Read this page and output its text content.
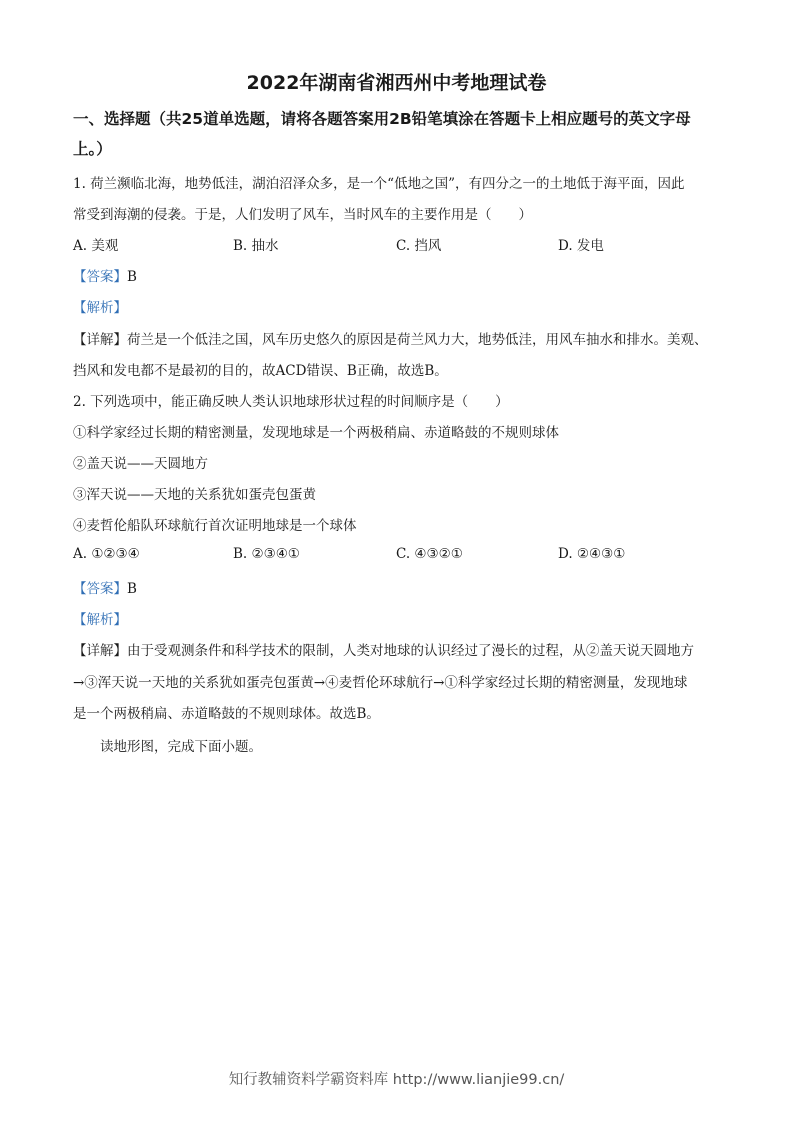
2022年湖南省湘西州中考地理试卷
一、选择题（共25道单选题，请将各题答案用2B铅笔填涂在答题卡上相应题号的英文字母
上。）
1. 荷兰濒临北海，地势低洼，湖泊沼泽众多，是一个“低地之国”，有四分之一的土地低于海平面，因此
常受到海潮的侵袭。于是，人们发明了风车，当时风车的主要作用是（　　）
A. 美观	B. 抽水	C. 挡风	D. 发电
【答案】B
【解析】
【详解】荷兰是一个低洼之国，风车历史悠久的原因是荷兰风力大，地势低洼，用风车抽水和排水。美观、
挡风和发电都不是最初的目的，故ACD错误、B正确，故选B。
2. 下列选项中，能正确反映人类认识地球形状过程的时间顺序是（　　）
①科学家经过长期的精密测量，发现地球是一个两极稍扁、赤道略鼓的不规则球体
②盖天说——天圆地方
③浑天说——天地的关系犹如蛋壳包蛋黄
④麦哲伦船队环球航行首次证明地球是一个球体
A. ①②③④	B. ②③④①	C. ④③②①	D. ②④③①
【答案】B
【解析】
【详解】由于受观测条件和科学技术的限制，人类对地球的认识经过了漫长的过程，从②盖天说天圆地方
→③浑天说一天地的关系犹如蛋壳包蛋黄→④麦哲伦环球航行→①科学家经过长期的精密测量，发现地球
是一个两极稍扁、赤道略鼓的不规则球体。故选B。
读地形图，完成下面小题。
知行教辅资料学霸资料库 http://www.lianjie99.cn/
